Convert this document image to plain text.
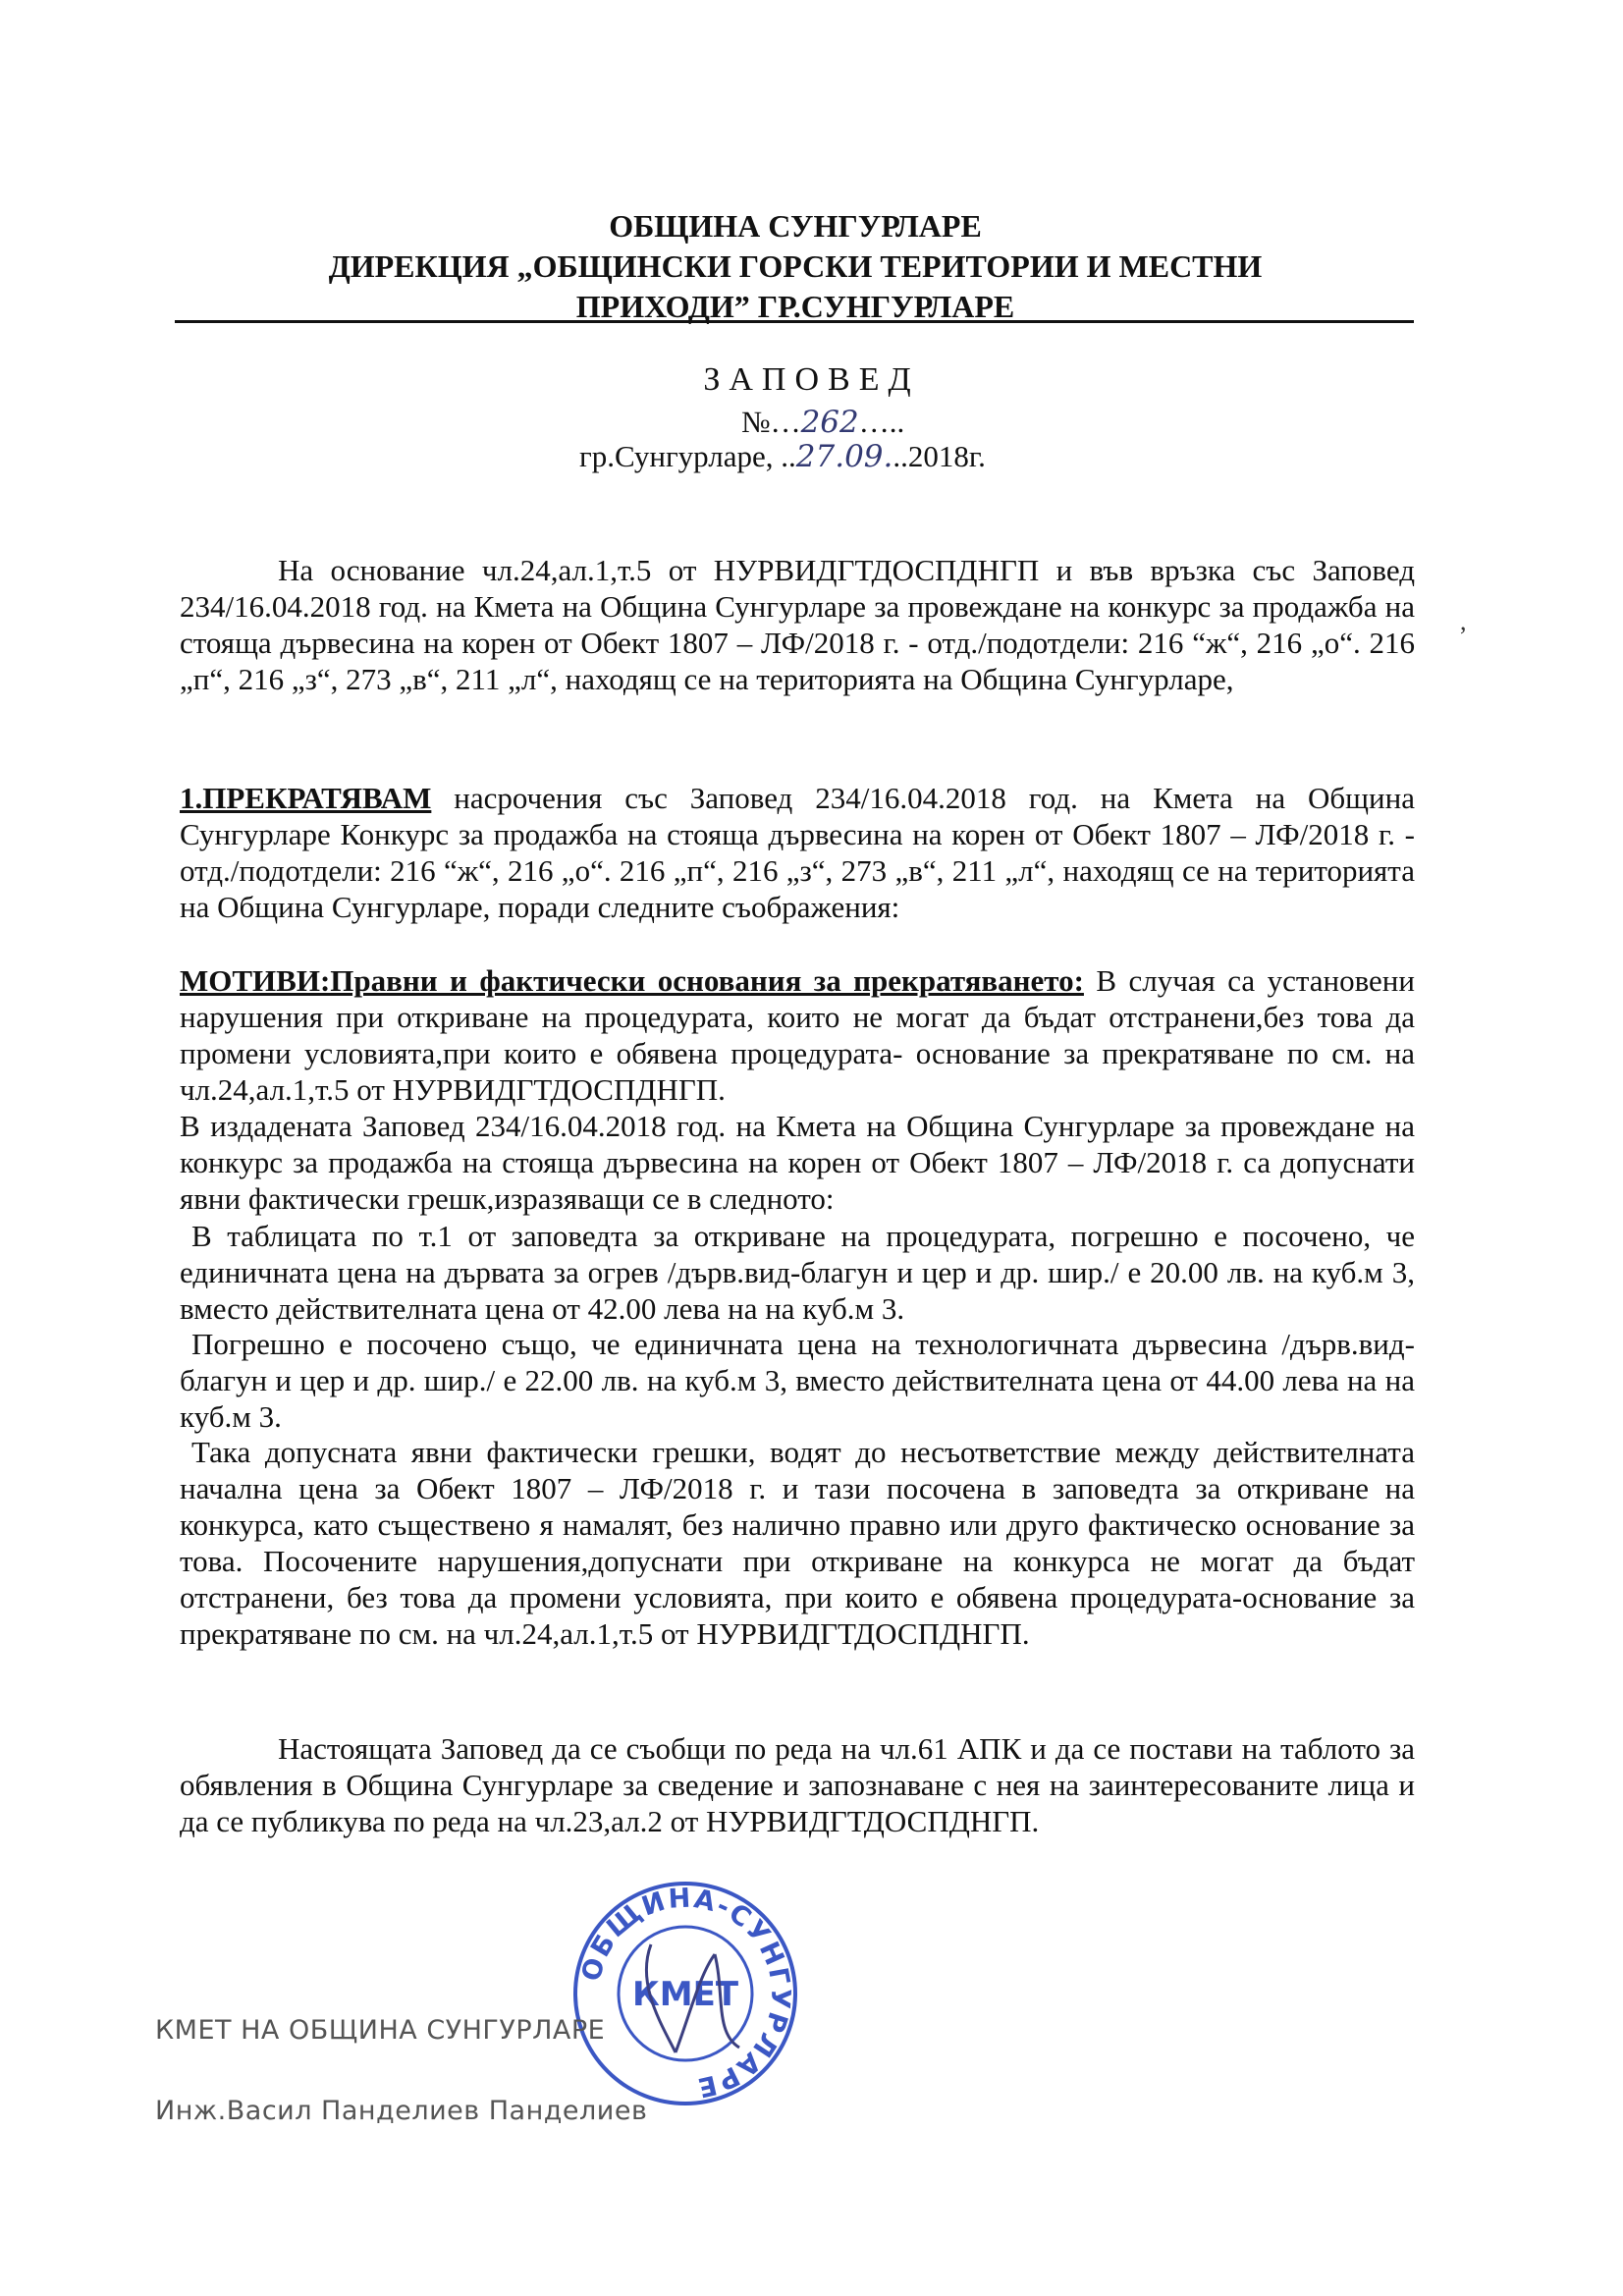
ОБЩИНА СУНГУРЛАРЕ
ДИРЕКЦИЯ „ОБЩИНСКИ ГОРСКИ ТЕРИТОРИИ И МЕСТНИ
ПРИХОДИ” ГР.СУНГУРЛАРЕ
ЗАПОВЕД
№…262…..
гр.Сунгурларе, ..27.09...2018г.
На основание чл.24,ал.1,т.5 от НУРВИДГТДОСПДНГП и във връзка със Заповед 234/16.04.2018 год. на Кмета на Община Сунгурларе за провеждане на конкурс за продажба на стояща дървесина на корен от Обект 1807 – ЛФ/2018 г. - отд./подотдели: 216 “ж“, 216 „о“. 216 „п“, 216 „з“, 273 „в“, 211 „л“, находящ се на територията на Община Сунгурларе,
,
1.ПРЕКРАТЯВАМ насрочения със Заповед 234/16.04.2018 год. на Кмета на Община Сунгурларе Конкурс за продажба на стояща дървесина на корен от Обект 1807 – ЛФ/2018 г. - отд./подотдели: 216 “ж“, 216 „о“. 216 „п“, 216 „з“, 273 „в“, 211 „л“, находящ се на територията на Община Сунгурларе, поради следните съображения:
МОТИВИ:Правни и фактически основания за прекратяването: В случая са установени нарушения при откриване на процедурата, които не могат да бъдат отстранени,без това да промени условията,при които е обявена процедурата- основание за прекратяване по см. на чл.24,ал.1,т.5 от НУРВИДГТДОСПДНГП.
В издадената Заповед 234/16.04.2018 год. на Кмета на Община Сунгурларе за провеждане на конкурс за продажба на стояща дървесина на корен от Обект 1807 – ЛФ/2018 г. са допуснати явни фактически грешк,изразяващи се в следното:
В таблицата по т.1 от заповедта за откриване на процедурата, погрешно е посочено, че единичната цена на дървата за огрев /дърв.вид-благун и цер и др. шир./ е 20.00 лв. на куб.м 3, вместо действителната цена от 42.00 лева на на куб.м 3.
Погрешно е посочено също, че единичната цена на технологичната дървесина /дърв.вид-благун и цер и др. шир./ е 22.00 лв. на куб.м 3, вместо действителната цена от 44.00 лева на на куб.м 3.
Така допусната явни фактически грешки, водят до несъответствие между действителната начална цена за Обект 1807 – ЛФ/2018 г. и тази посочена в заповедта за откриване на конкурса, като съществено я намалят, без налично правно или друго фактическо основание за това. Посочените нарушения,допуснати при откриване на конкурса не могат да бъдат отстранени, без това да промени условията, при които е обявена процедурата-основание за прекратяване по см. на чл.24,ал.1,т.5 от НУРВИДГТДОСПДНГП.
Настоящата Заповед да се съобщи по реда на чл.61 АПК и да се постави на таблото за обявления в Община Сунгурларе за сведение и запознаване с нея на заинтересованите лица и да се публикува по реда на чл.23,ал.2 от НУРВИДГТДОСПДНГП.
ОБЩИНА-СУНГУРЛАРЕ
КМЕТ
КМЕТ НА ОБЩИНА СУНГУРЛАРЕ
Инж.Васил Панделиев Панделиев
